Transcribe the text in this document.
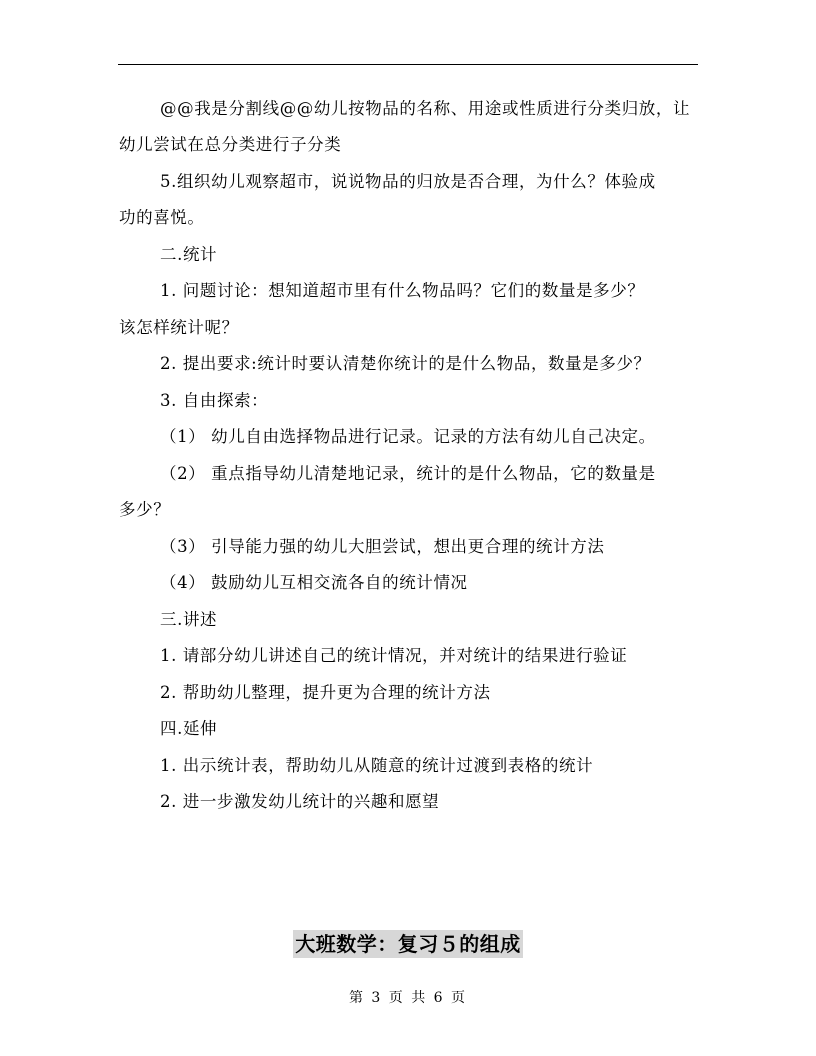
@@我是分割线@@幼儿按物品的名称、用途或性质进行分类归放，让
幼儿尝试在总分类进行子分类
5.组织幼儿观察超市，说说物品的归放是否合理，为什么？体验成
功的喜悦。
二.统计
1. 问题讨论：想知道超市里有什么物品吗？它们的数量是多少？
该怎样统计呢？
2. 提出要求:统计时要认清楚你统计的是什么物品，数量是多少？
3. 自由探索：
（1） 幼儿自由选择物品进行记录。记录的方法有幼儿自己决定。
（2） 重点指导幼儿清楚地记录，统计的是什么物品，它的数量是
多少？
（3） 引导能力强的幼儿大胆尝试，想出更合理的统计方法
（4） 鼓励幼儿互相交流各自的统计情况
三.讲述
1. 请部分幼儿讲述自己的统计情况，并对统计的结果进行验证
2. 帮助幼儿整理，提升更为合理的统计方法
四.延伸
1. 出示统计表，帮助幼儿从随意的统计过渡到表格的统计
2. 进一步激发幼儿统计的兴趣和愿望
大班数学：复习５的组成
第 3 页 共 6 页
